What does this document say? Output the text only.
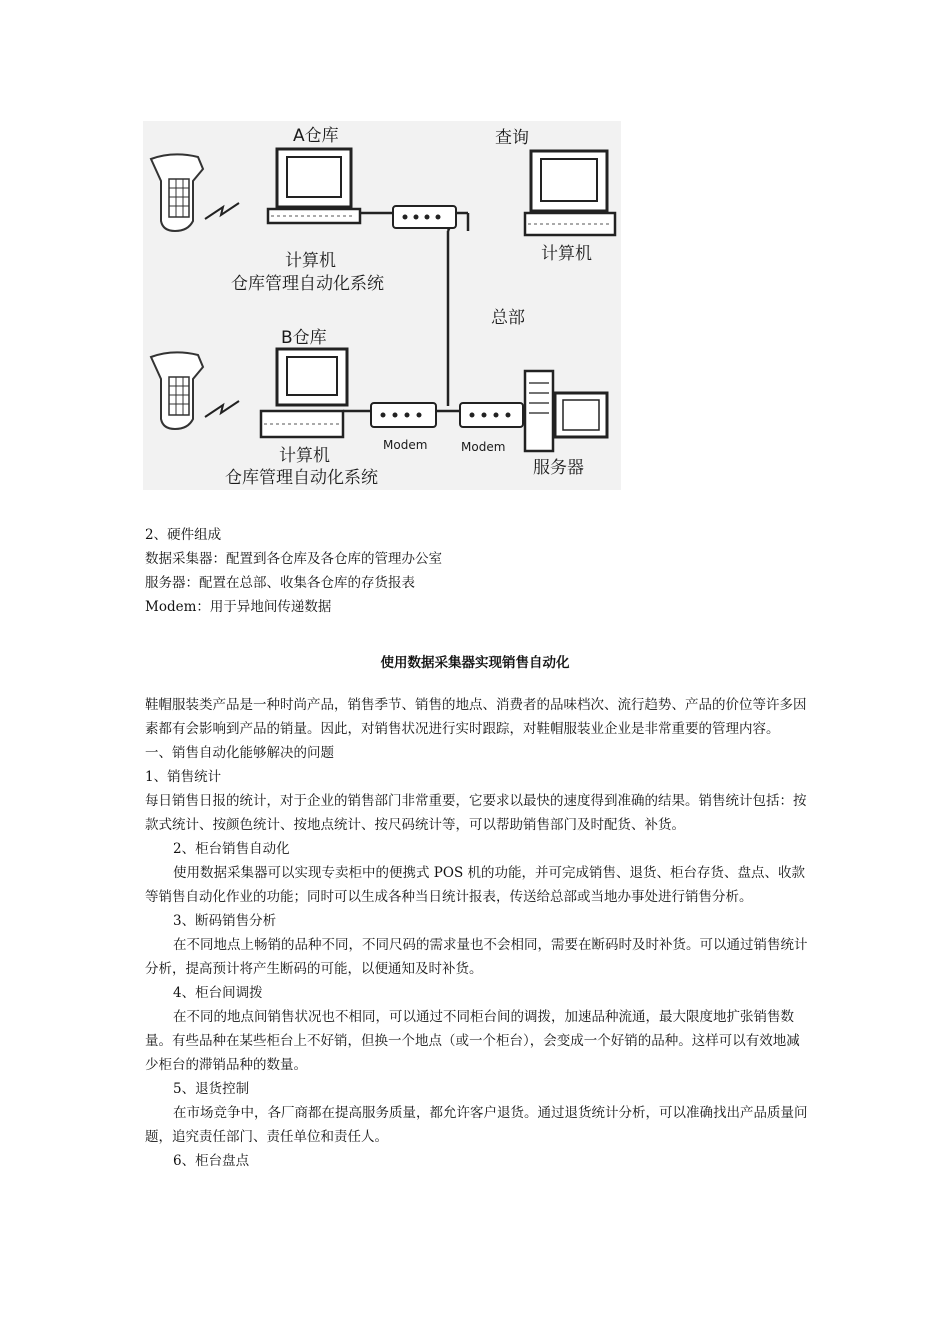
A仓库	查询
计算机
仓库管理自动化系统
计算机
总部
B仓库
Modem	Modem
计算机
仓库管理自动化系统	服务器
2、硬件组成
数据采集器：配置到各仓库及各仓库的管理办公室
服务器：配置在总部、收集各仓库的存货报表
Modem：用于异地间传递数据
使用数据采集器实现销售自动化
鞋帽服装类产品是一种时尚产品，销售季节、销售的地点、消费者的品味档次、流行趋势、产品的价位等许多因素都有会影响到产品的销量。因此，对销售状况进行实时跟踪，对鞋帽服装业企业是非常重要的管理内容。
一、销售自动化能够解决的问题
1、销售统计
每日销售日报的统计，对于企业的销售部门非常重要，它要求以最快的速度得到准确的结果。销售统计包括：按款式统计、按颜色统计、按地点统计、按尺码统计等，可以帮助销售部门及时配货、补货。
2、柜台销售自动化
使用数据采集器可以实现专卖柜中的便携式 POS 机的功能，并可完成销售、退货、柜台存货、盘点、收款等销售自动化作业的功能；同时可以生成各种当日统计报表，传送给总部或当地办事处进行销售分析。
3、断码销售分析
在不同地点上畅销的品种不同，不同尺码的需求量也不会相同，需要在断码时及时补货。可以通过销售统计分析，提高预计将产生断码的可能，以便通知及时补货。
4、柜台间调拨
在不同的地点间销售状况也不相同，可以通过不同柜台间的调拨，加速品种流通，最大限度地扩张销售数量。有些品种在某些柜台上不好销，但换一个地点（或一个柜台），会变成一个好销的品种。这样可以有效地减少柜台的滞销品种的数量。
5、退货控制
在市场竞争中，各厂商都在提高服务质量，都允许客户退货。通过退货统计分析，可以准确找出产品质量问题，追究责任部门、责任单位和责任人。
6、柜台盘点
